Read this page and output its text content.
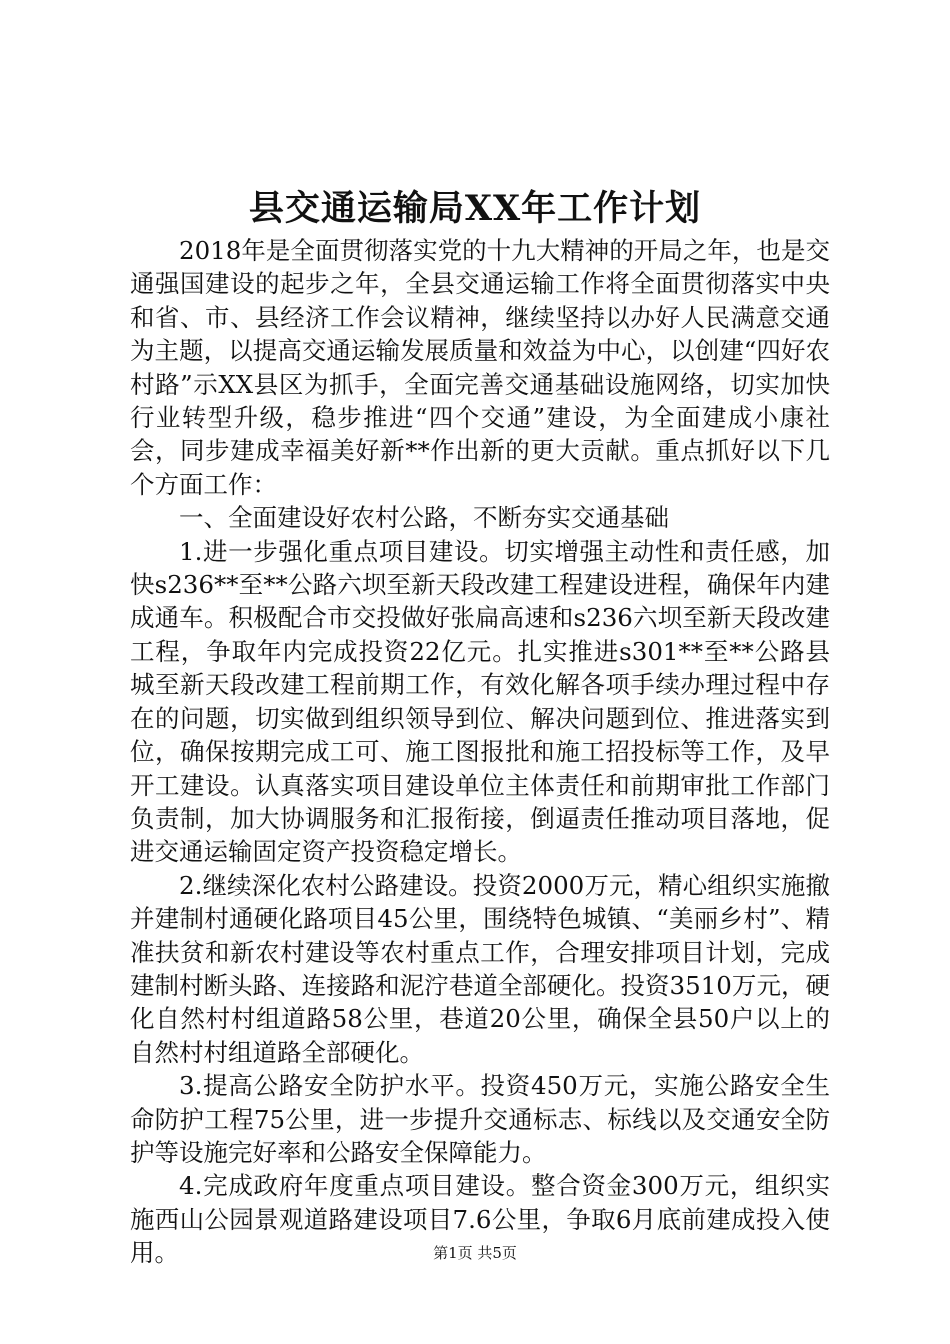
县交通运输局XX年工作计划

2018年是全面贯彻落实党的十九大精神的开局之年，也是交通强国建设的起步之年，全县交通运输工作将全面贯彻落实中央和省、市、县经济工作会议精神，继续坚持以办好人民满意交通为主题，以提高交通运输发展质量和效益为中心，以创建“四好农村路”示XX县区为抓手，全面完善交通基础设施网络，切实加快行业转型升级，稳步推进“四个交通”建设，为全面建成小康社会，同步建成幸福美好新**作出新的更大贡献。重点抓好以下几个方面工作：

一、全面建设好农村公路，不断夯实交通基础

1.进一步强化重点项目建设。切实增强主动性和责任感，加快s236**至**公路六坝至新天段改建工程建设进程，确保年内建成通车。积极配合市交投做好张扁高速和s236六坝至新天段改建工程，争取年内完成投资22亿元。扎实推进s301**至**公路县城至新天段改建工程前期工作，有效化解各项手续办理过程中存在的问题，切实做到组织领导到位、解决问题到位、推进落实到位，确保按期完成工可、施工图报批和施工招投标等工作，及早开工建设。认真落实项目建设单位主体责任和前期审批工作部门负责制，加大协调服务和汇报衔接，倒逼责任推动项目落地，促进交通运输固定资产投资稳定增长。

2.继续深化农村公路建设。投资2000万元，精心组织实施撤并建制村通硬化路项目45公里，围绕特色城镇、“美丽乡村”、精准扶贫和新农村建设等农村重点工作，合理安排项目计划，完成建制村断头路、连接路和泥泞巷道全部硬化。投资3510万元，硬化自然村村组道路58公里，巷道20公里，确保全县50户以上的自然村村组道路全部硬化。

3.提高公路安全防护水平。投资450万元，实施公路安全生命防护工程75公里，进一步提升交通标志、标线以及交通安全防护等设施完好率和公路安全保障能力。

4.完成政府年度重点项目建设。整合资金300万元，组织实施西山公园景观道路建设项目7.6公里，争取6月底前建成投入使用。	第1页 共5页
